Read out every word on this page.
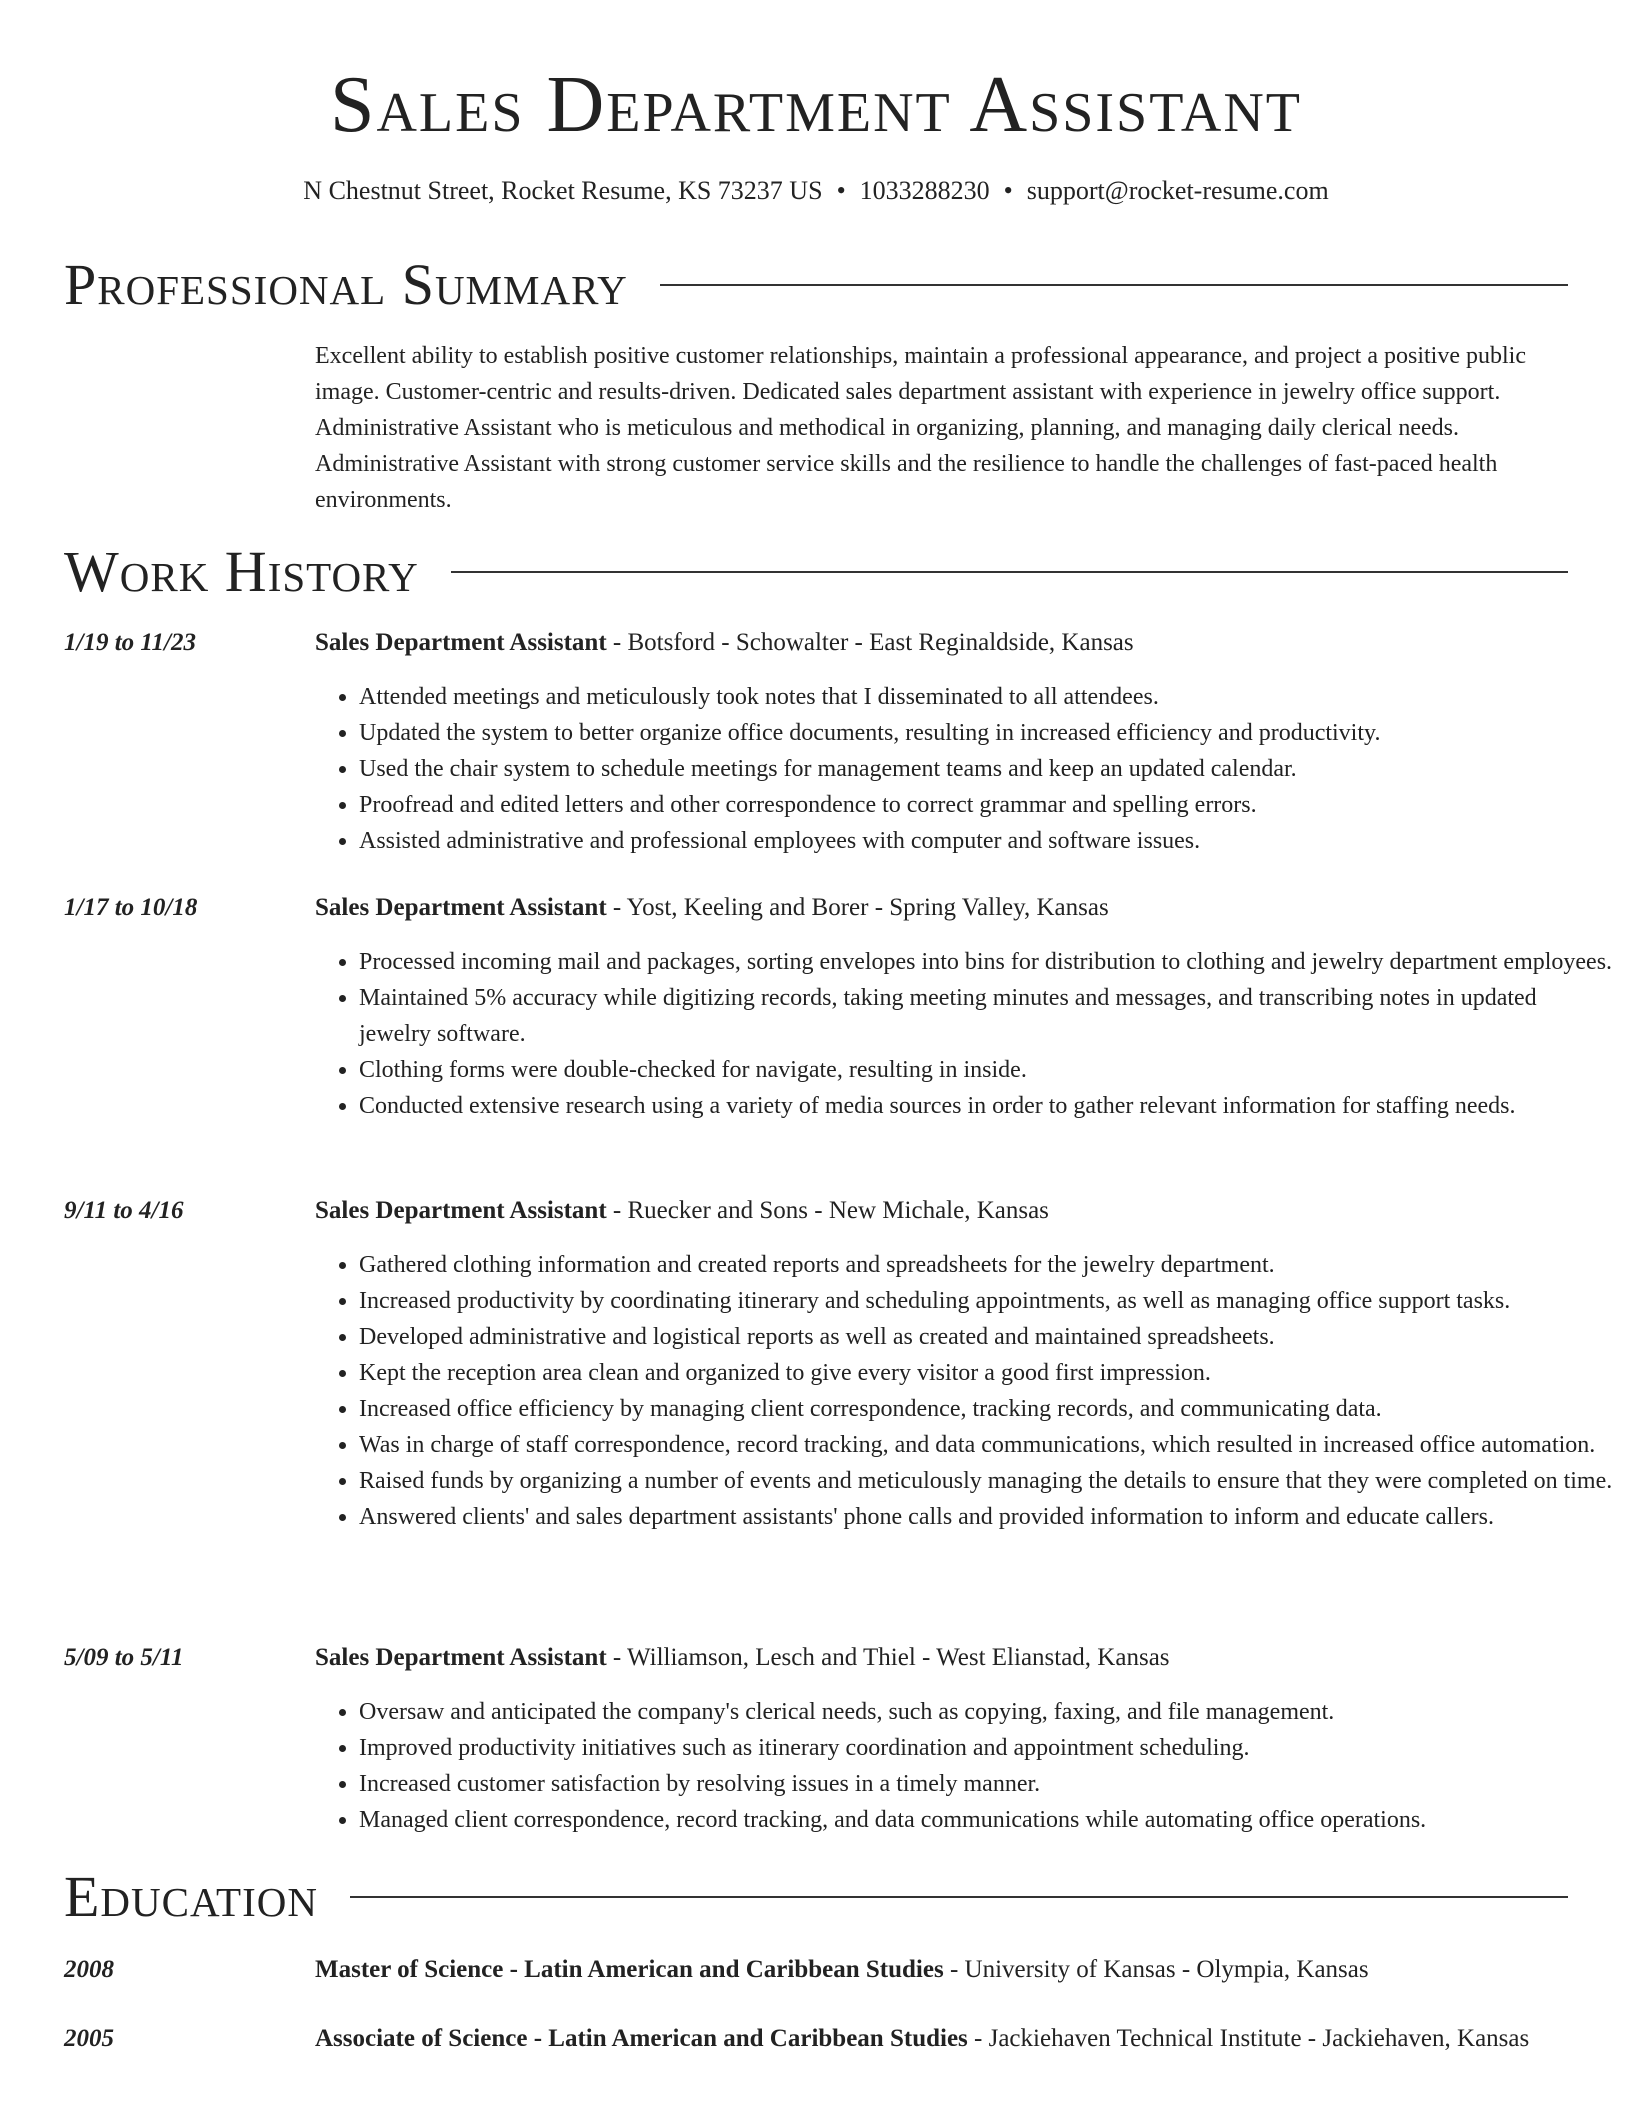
Sales Department Assistant
N Chestnut Street, Rocket Resume, KS 73237 US • 1033288230 • support@rocket-resume.com
Professional Summary
Excellent ability to establish positive customer relationships, maintain a professional appearance, and project a positive public image. Customer-centric and results-driven. Dedicated sales department assistant with experience in jewelry office support. Administrative Assistant who is meticulous and methodical in organizing, planning, and managing daily clerical needs. Administrative Assistant with strong customer service skills and the resilience to handle the challenges of fast-paced health environments.
Work History
1/19 to 11/23	Sales Department Assistant - Botsford - Schowalter - East Reginaldside, Kansas
• Attended meetings and meticulously took notes that I disseminated to all attendees.
• Updated the system to better organize office documents, resulting in increased efficiency and productivity.
• Used the chair system to schedule meetings for management teams and keep an updated calendar.
• Proofread and edited letters and other correspondence to correct grammar and spelling errors.
• Assisted administrative and professional employees with computer and software issues.
1/17 to 10/18	Sales Department Assistant - Yost, Keeling and Borer - Spring Valley, Kansas
• Processed incoming mail and packages, sorting envelopes into bins for distribution to clothing and jewelry department employees.
• Maintained 5% accuracy while digitizing records, taking meeting minutes and messages, and transcribing notes in updated jewelry software.
• Clothing forms were double-checked for navigate, resulting in inside.
• Conducted extensive research using a variety of media sources in order to gather relevant information for staffing needs.
9/11 to 4/16	Sales Department Assistant - Ruecker and Sons - New Michale, Kansas
• Gathered clothing information and created reports and spreadsheets for the jewelry department.
• Increased productivity by coordinating itinerary and scheduling appointments, as well as managing office support tasks.
• Developed administrative and logistical reports as well as created and maintained spreadsheets.
• Kept the reception area clean and organized to give every visitor a good first impression.
• Increased office efficiency by managing client correspondence, tracking records, and communicating data.
• Was in charge of staff correspondence, record tracking, and data communications, which resulted in increased office automation.
• Raised funds by organizing a number of events and meticulously managing the details to ensure that they were completed on time.
• Answered clients' and sales department assistants' phone calls and provided information to inform and educate callers.
5/09 to 5/11	Sales Department Assistant - Williamson, Lesch and Thiel - West Elianstad, Kansas
• Oversaw and anticipated the company's clerical needs, such as copying, faxing, and file management.
• Improved productivity initiatives such as itinerary coordination and appointment scheduling.
• Increased customer satisfaction by resolving issues in a timely manner.
• Managed client correspondence, record tracking, and data communications while automating office operations.
Education
2008	Master of Science - Latin American and Caribbean Studies - University of Kansas - Olympia, Kansas
2005	Associate of Science - Latin American and Caribbean Studies - Jackiehaven Technical Institute - Jackiehaven, Kansas
